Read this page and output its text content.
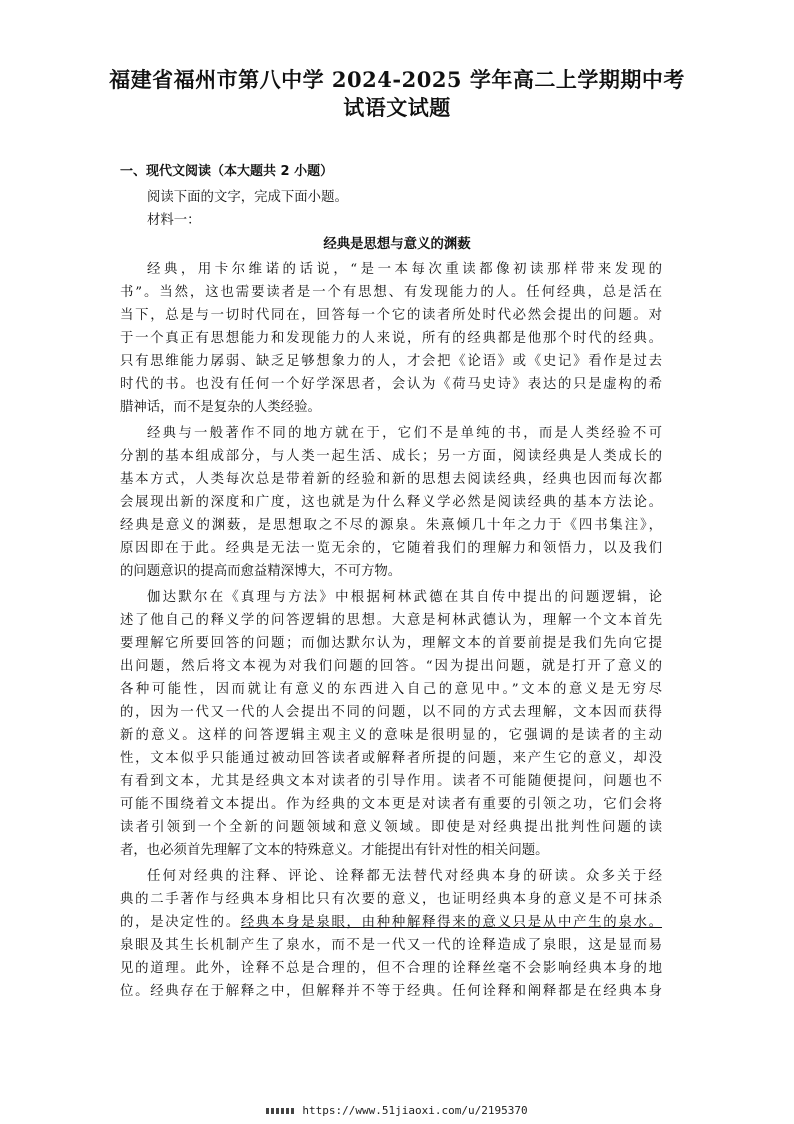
福建省福州市第八中学 2024-2025 学年高二上学期期中考
试语文试题
一、现代文阅读（本大题共 2 小题）
阅读下面的文字，完成下面小题。
材料一：
经典是思想与意义的渊薮
经典，用卡尔维诺的话说，“是一本每次重读都像初读那样带来发现的
书”。当然，这也需要读者是一个有思想、有发现能力的人。任何经典，总是活在
当下，总是与一切时代同在，回答每一个它的读者所处时代必然会提出的问题。对
于一个真正有思想能力和发现能力的人来说，所有的经典都是他那个时代的经典。
只有思维能力孱弱、缺乏足够想象力的人，才会把《论语》或《史记》看作是过去
时代的书。也没有任何一个好学深思者，会认为《荷马史诗》表达的只是虚构的希
腊神话，而不是复杂的人类经验。
经典与一般著作不同的地方就在于，它们不是单纯的书，而是人类经验不可
分割的基本组成部分，与人类一起生活、成长；另一方面，阅读经典是人类成长的
基本方式，人类每次总是带着新的经验和新的思想去阅读经典，经典也因而每次都
会展现出新的深度和广度，这也就是为什么释义学必然是阅读经典的基本方法论。
经典是意义的渊薮，是思想取之不尽的源泉。朱熹倾几十年之力于《四书集注》，
原因即在于此。经典是无法一览无余的，它随着我们的理解力和领悟力，以及我们
的问题意识的提高而愈益精深博大，不可方物。
伽达默尔在《真理与方法》中根据柯林武德在其自传中提出的问题逻辑，论
述了他自己的释义学的问答逻辑的思想。大意是柯林武德认为，理解一个文本首先
要理解它所要回答的问题；而伽达默尔认为，理解文本的首要前提是我们先向它提
出问题，然后将文本视为对我们问题的回答。“因为提出问题，就是打开了意义的
各种可能性，因而就让有意义的东西进入自己的意见中。”文本的意义是无穷尽
的，因为一代又一代的人会提出不同的问题，以不同的方式去理解，文本因而获得
新的意义。这样的问答逻辑主观主义的意味是很明显的，它强调的是读者的主动
性，文本似乎只能通过被动回答读者或解释者所提的问题，来产生它的意义，却没
有看到文本，尤其是经典文本对读者的引导作用。读者不可能随便提问，问题也不
可能不围绕着文本提出。作为经典的文本更是对读者有重要的引领之功，它们会将
读者引领到一个全新的问题领域和意义领域。即使是对经典提出批判性问题的读
者，也必须首先理解了文本的特殊意义。才能提出有针对性的相关问题。
任何对经典的注释、评论、诠释都无法替代对经典本身的研读。众多关于经
典的二手著作与经典本身相比只有次要的意义，也证明经典本身的意义是不可抹杀
的，是决定性的。经典本身是泉眼，由种种解释得来的意义只是从中产生的泉水。
泉眼及其生长机制产生了泉水，而不是一代又一代的诠释造成了泉眼，这是显而易
见的道理。此外，诠释不总是合理的，但不合理的诠释丝毫不会影响经典本身的地
位。经典存在于解释之中，但解释并不等于经典。任何诠释和阐释都是在经典本身
https://www.51jiaoxi.com/u/2195370
